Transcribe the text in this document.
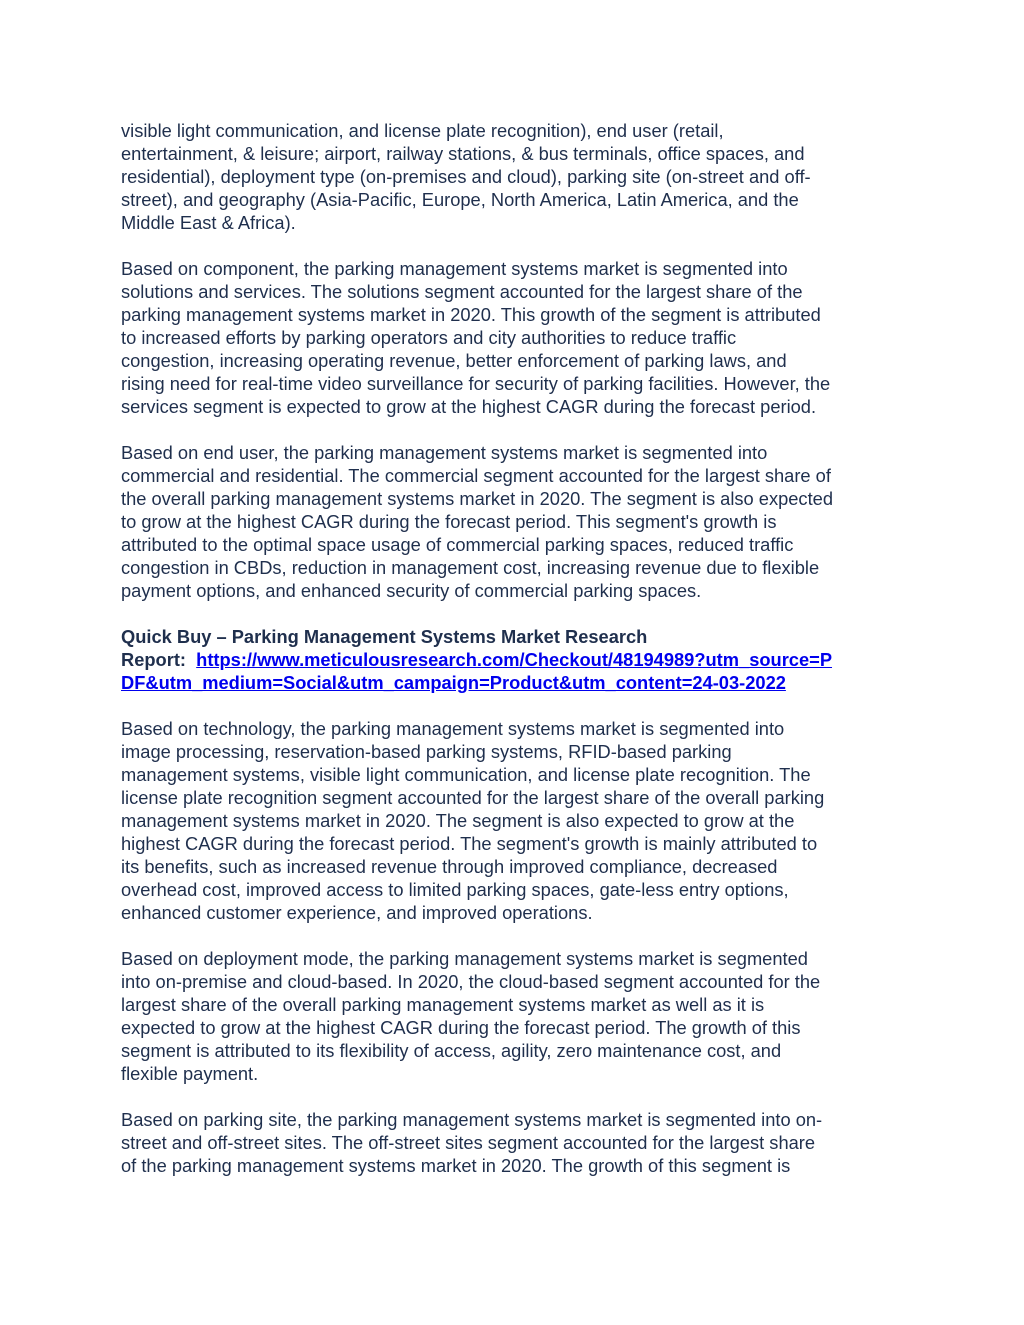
visible light communication, and license plate recognition), end user (retail,
entertainment, & leisure; airport, railway stations, & bus terminals, office spaces, and
residential), deployment type (on-premises and cloud), parking site (on-street and off-
street), and geography (Asia-Pacific, Europe, North America, Latin America, and the
Middle East & Africa).
Based on component, the parking management systems market is segmented into
solutions and services. The solutions segment accounted for the largest share of the
parking management systems market in 2020. This growth of the segment is attributed
to increased efforts by parking operators and city authorities to reduce traffic
congestion, increasing operating revenue, better enforcement of parking laws, and
rising need for real-time video surveillance for security of parking facilities. However, the
services segment is expected to grow at the highest CAGR during the forecast period.
Based on end user, the parking management systems market is segmented into
commercial and residential. The commercial segment accounted for the largest share of
the overall parking management systems market in 2020. The segment is also expected
to grow at the highest CAGR during the forecast period. This segment's growth is
attributed to the optimal space usage of commercial parking spaces, reduced traffic
congestion in CBDs, reduction in management cost, increasing revenue due to flexible
payment options, and enhanced security of commercial parking spaces.
Quick Buy – Parking Management Systems Market Research
Report:  https://www.meticulousresearch.com/Checkout/48194989?utm_source=P
DF&utm_medium=Social&utm_campaign=Product&utm_content=24-03-2022
Based on technology, the parking management systems market is segmented into
image processing, reservation-based parking systems, RFID-based parking
management systems, visible light communication, and license plate recognition. The
license plate recognition segment accounted for the largest share of the overall parking
management systems market in 2020. The segment is also expected to grow at the
highest CAGR during the forecast period. The segment's growth is mainly attributed to
its benefits, such as increased revenue through improved compliance, decreased
overhead cost, improved access to limited parking spaces, gate-less entry options,
enhanced customer experience, and improved operations.
Based on deployment mode, the parking management systems market is segmented
into on-premise and cloud-based. In 2020, the cloud-based segment accounted for the
largest share of the overall parking management systems market as well as it is
expected to grow at the highest CAGR during the forecast period. The growth of this
segment is attributed to its flexibility of access, agility, zero maintenance cost, and
flexible payment.
Based on parking site, the parking management systems market is segmented into on-
street and off-street sites. The off-street sites segment accounted for the largest share
of the parking management systems market in 2020. The growth of this segment is
